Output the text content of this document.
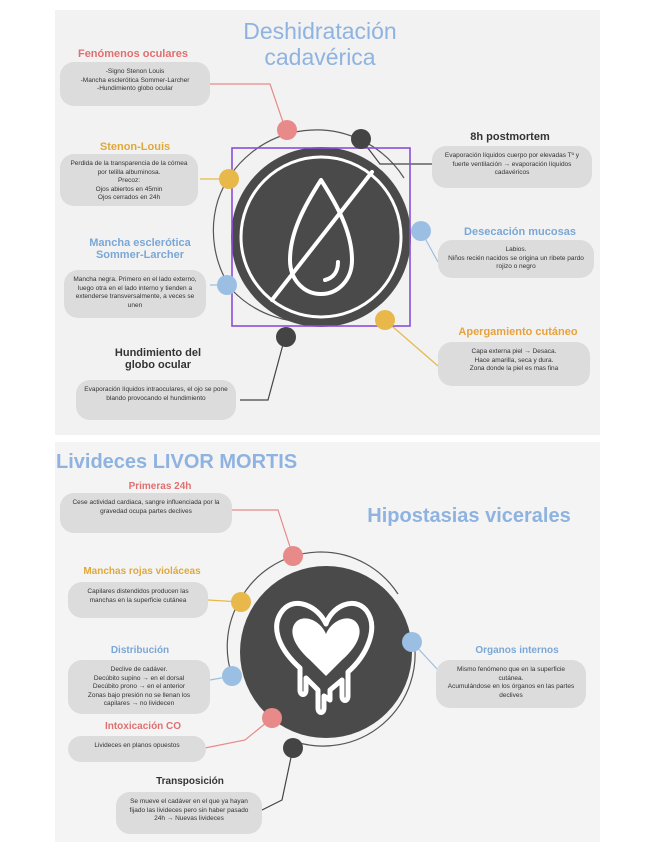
Deshidratación
cadavérica
Fenómenos oculares
-Signo Stenon Louis
-Mancha esclerótica Sommer-Larcher
-Hundimiento globo ocular
Stenon-Louis
Perdida de la transparencia de la córnea por telilla albuminosa.
Precoz:
Ojos abiertos en 45min
Ojos cerrados en 24h
Mancha esclerótica
Sommer-Larcher
Mancha negra. Primero en el lado externo, luego otra en el lado interno y tienden a extenderse transversalmente, a veces se unen
Hundimiento del
globo ocular
Evaporación líquidos intraoculares, el ojo se pone blando provocando el hundimiento
8h postmortem
Evaporación líquidos cuerpo por elevadas Tº y fuerte ventilación → evaporación líquidos cadavéricos
Desecación mucosas
Labios.
Niños recién nacidos se origina un ribete pardo rojizo o negro
Apergamiento cutáneo
Capa externa piel → Desaca.
Hace amarilla, seca y dura.
Zona donde la piel es mas fina
Livideces LIVOR MORTIS
Hipostasias vicerales
Primeras 24h
Cese actividad cardiaca, sangre influenciada por la gravedad ocupa partes declives
Manchas rojas violáceas
Capilares distendidos producen las manchas en la superficie cutánea
Distribución
Declive de cadáver.
Decúbito supino → en el dorsal
Decúbito prono → en el anterior
Zonas bajo presión no se llenan los capilares → no lividecen
Intoxicación CO
Livideces en planos opuestos
Transposición
Se mueve el cadáver en el que ya hayan fijado las livideces pero sin haber pasado 24h → Nuevas livideces
Organos internos
Mismo fenómeno que en la superficie cutánea.
Acumulándose en los órganos en las partes declives
